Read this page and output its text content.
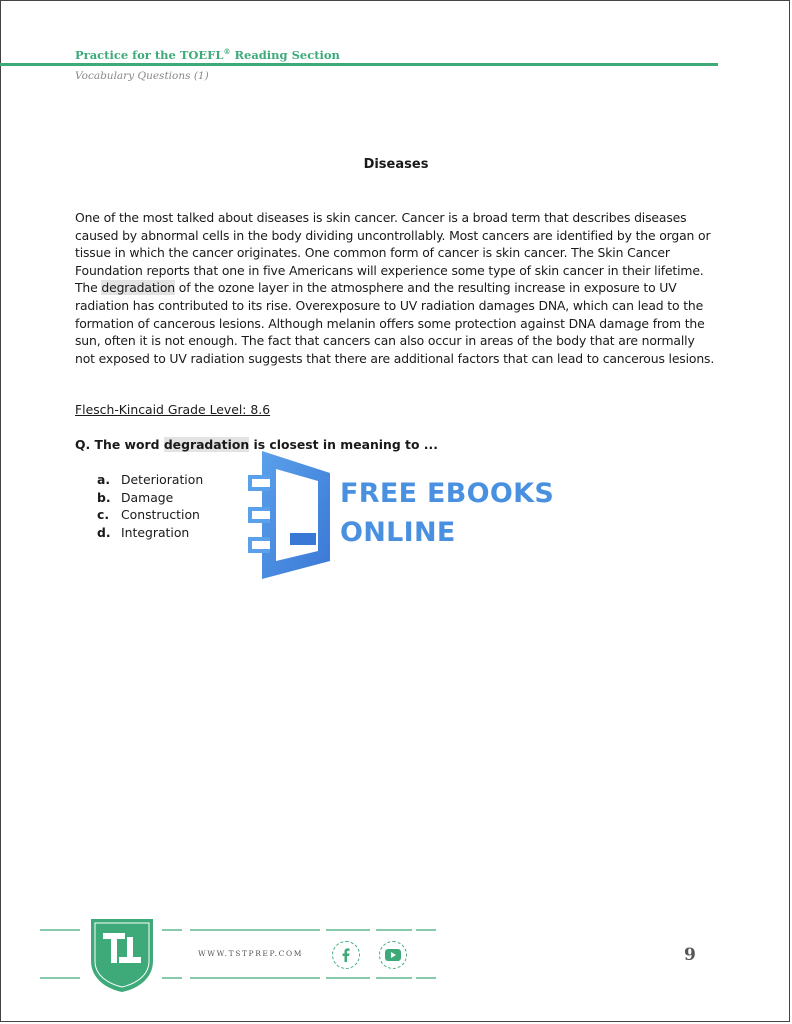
Practice for the TOEFL® Reading Section
Vocabulary Questions (1)
Diseases
One of the most talked about diseases is skin cancer. Cancer is a broad term that describes diseases caused by abnormal cells in the body dividing uncontrollably. Most cancers are identified by the organ or tissue in which the cancer originates. One common form of cancer is skin cancer. The Skin Cancer Foundation reports that one in five Americans will experience some type of skin cancer in their lifetime. The degradation of the ozone layer in the atmosphere and the resulting increase in exposure to UV radiation has contributed to its rise. Overexposure to UV radiation damages DNA, which can lead to the formation of cancerous lesions. Although melanin offers some protection against DNA damage from the sun, often it is not enough. The fact that cancers can also occur in areas of the body that are normally not exposed to UV radiation suggests that there are additional factors that can lead to cancerous lesions.
Flesch-Kincaid Grade Level: 8.6
Q. The word degradation is closest in meaning to ...
a. Deterioration
b. Damage
c. Construction
d. Integration
FREE EBOOKS
ONLINE
WWW.TSTPREP.COM	9
